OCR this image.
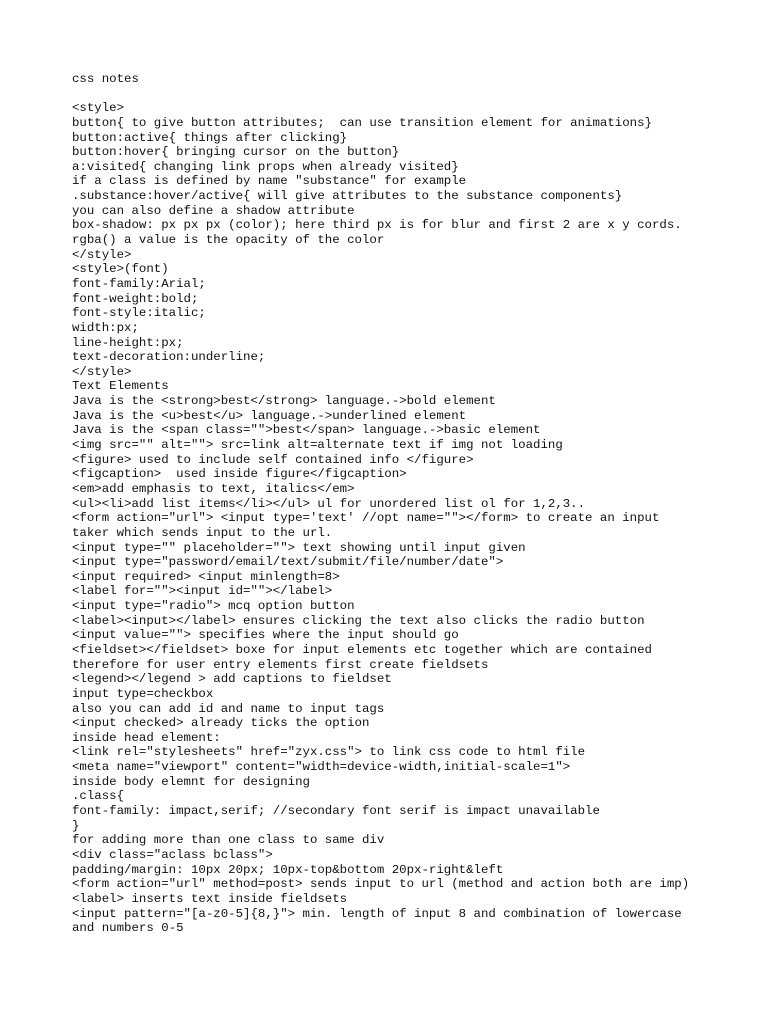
css notes
<style>
button{ to give button attributes;  can use transition element for animations}
button:active{ things after clicking}
button:hover{ bringing cursor on the button}
a:visited{ changing link props when already visited}
if a class is defined by name "substance" for example
.substance:hover/active{ will give attributes to the substance components}
you can also define a shadow attribute
box-shadow: px px px (color); here third px is for blur and first 2 are x y cords.
rgba() a value is the opacity of the color
</style>
<style>(font)
font-family:Arial;
font-weight:bold;
font-style:italic;
width:px;
line-height:px;
text-decoration:underline;
</style>
Text Elements
Java is the <strong>best</strong> language.->bold element
Java is the <u>best</u> language.->underlined element
Java is the <span class="">best</span> language.->basic element
<img src="" alt=""> src=link alt=alternate text if img not loading
<figure> used to include self contained info </figure>
<figcaption>  used inside figure</figcaption>
<em>add emphasis to text, italics</em>
<ul><li>add list items</li></ul> ul for unordered list ol for 1,2,3..
<form action="url"> <input type='text' //opt name=""></form> to create an input
taker which sends input to the url.
<input type="" placeholder=""> text showing until input given
<input type="password/email/text/submit/file/number/date">
<input required> <input minlength=8>
<label for=""><input id=""></label>
<input type="radio"> mcq option button
<label><input></label> ensures clicking the text also clicks the radio button
<input value=""> specifies where the input should go
<fieldset></fieldset> boxe for input elements etc together which are contained
therefore for user entry elements first create fieldsets
<legend></legend > add captions to fieldset
input type=checkbox
also you can add id and name to input tags
<input checked> already ticks the option
inside head element:
<link rel="stylesheets" href="zyx.css"> to link css code to html file
<meta name="viewport" content="width=device-width,initial-scale=1">
inside body elemnt for designing
.class{
font-family: impact,serif; //secondary font serif is impact unavailable
}
for adding more than one class to same div
<div class="aclass bclass">
padding/margin: 10px 20px; 10px-top&bottom 20px-right&left
<form action="url" method=post> sends input to url (method and action both are imp)
<label> inserts text inside fieldsets
<input pattern="[a-z0-5]{8,}"> min. length of input 8 and combination of lowercase
and numbers 0-5
